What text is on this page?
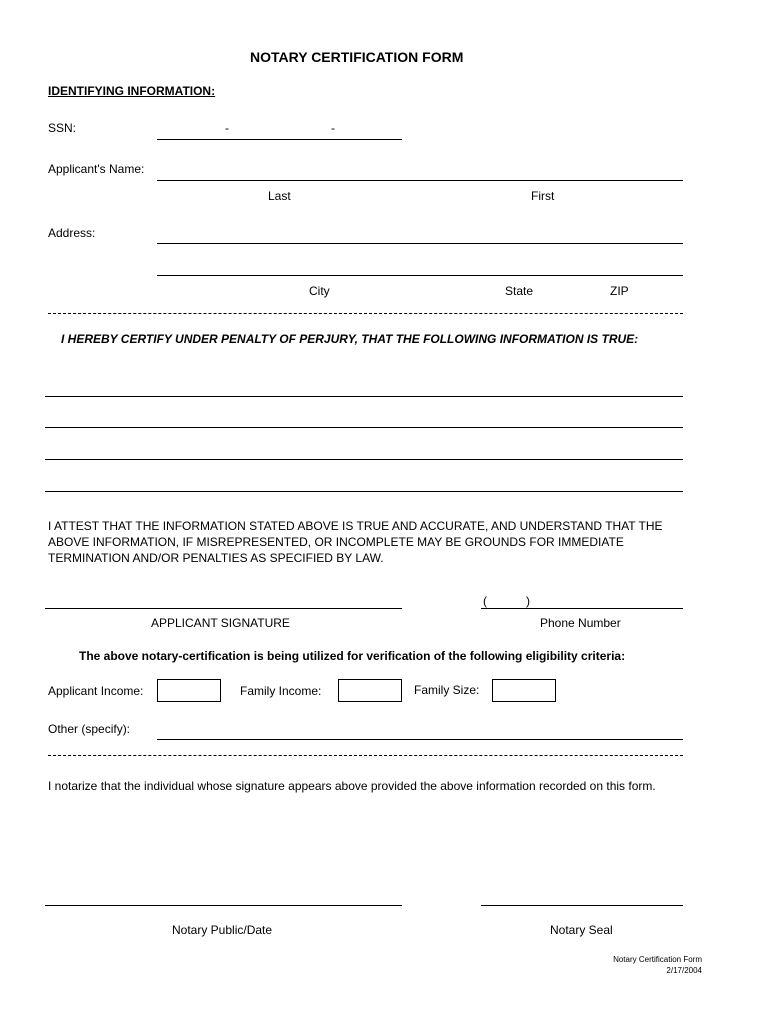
NOTARY CERTIFICATION FORM
IDENTIFYING INFORMATION:
SSN:	-	-
Applicant's Name:
Last	First
Address:
City	State	ZIP
I HEREBY CERTIFY UNDER PENALTY OF PERJURY, THAT THE FOLLOWING INFORMATION IS TRUE:
I ATTEST THAT THE INFORMATION STATED ABOVE IS TRUE AND ACCURATE, AND UNDERSTAND THAT THE ABOVE INFORMATION, IF MISREPRESENTED, OR INCOMPLETE MAY BE GROUNDS FOR IMMEDIATE TERMINATION AND/OR PENALTIES AS SPECIFIED BY LAW.
(	)
APPLICANT SIGNATURE	Phone Number
The above notary-certification is being utilized for verification of the following eligibility criteria:
Applicant Income:	Family Income:	Family Size:
Other (specify):
I notarize that the individual whose signature appears above provided the above information recorded on this form.
Notary Public/Date	Notary Seal
Notary Certification Form
2/17/2004
